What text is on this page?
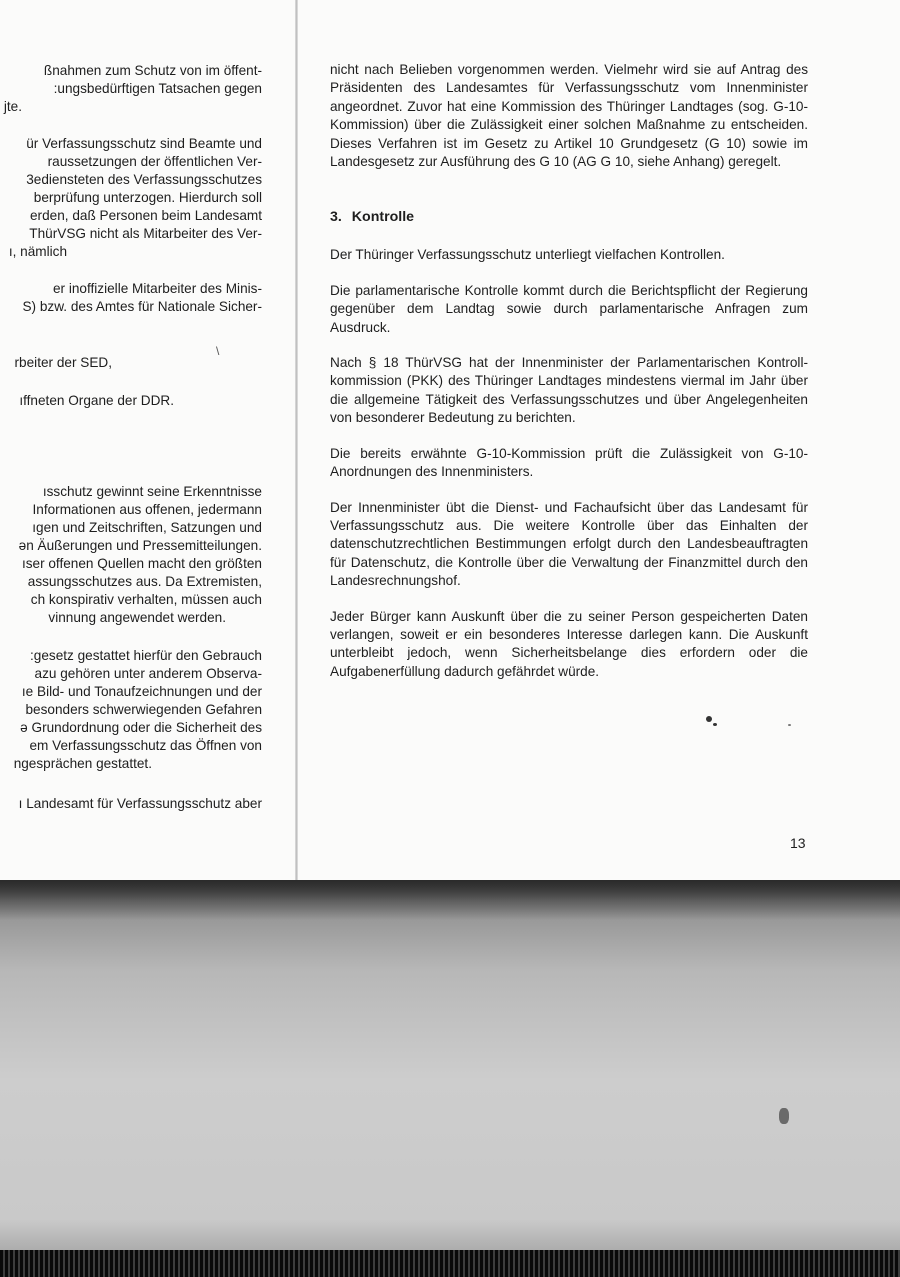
ßnahmen zum Schutz von im öffent-
:ungsbedürftigen Tatsachen gegen
jte.
ür Verfassungsschutz sind Beamte und
raussetzungen der öffentlichen Ver-
3ediensteten des Verfassungsschutzes
berprüfung unterzogen. Hierdurch soll
erden, daß Personen beim Landesamt
ThürVSG nicht als Mitarbeiter des Ver-
ı, nämlich
er inoffizielle Mitarbeiter des Minis-
S) bzw. des Amtes für Nationale Sicher-
rbeiter der SED,
ıffneten Organe der DDR.
ısschutz gewinnt seine Erkenntnisse
Informationen aus offenen, jedermann
ıgen und Zeitschriften, Satzungen und
ən Äußerungen und Pressemitteilungen.
ıser offenen Quellen macht den größten
assungsschutzes aus. Da Extremisten,
ch konspirativ verhalten, müssen auch
vinnung angewendet werden.
:gesetz gestattet hierfür den Gebrauch
azu gehören unter anderem Observa-
ıe Bild- und Tonaufzeichnungen und der
besonders schwerwiegenden Gefahren
ə Grundordnung oder die Sicherheit des
em Verfassungsschutz das Öffnen von
ngesprächen gestattet.
ı Landesamt für Verfassungsschutz aber
\

nicht nach Belieben vorgenommen werden. Vielmehr wird sie auf Antrag des Präsidenten des Landesamtes für Verfassungsschutz vom Innenminister angeordnet. Zuvor hat eine Kommission des Thüringer Landtages (sog. G-10-Kommission) über die Zulässigkeit einer solchen Maßnahme zu entscheiden. Dieses Verfahren ist im Gesetz zu Artikel 10 Grundgesetz (G 10) sowie im Landesgesetz zur Ausführung des G 10 (AG G 10, siehe Anhang) geregelt.

3. Kontrolle

Der Thüringer Verfassungsschutz unterliegt vielfachen Kontrollen.

Die parlamentarische Kontrolle kommt durch die Berichtspflicht der Regierung gegenüber dem Landtag sowie durch parlamentarische Anfragen zum Ausdruck.

Nach § 18 ThürVSG hat der Innenminister der Parlamentarischen Kontrollkommission (PKK) des Thüringer Landtages mindestens viermal im Jahr über die allgemeine Tätigkeit des Verfassungsschutzes und über Angelegenheiten von besonderer Bedeutung zu berichten.

Die bereits erwähnte G-10-Kommission prüft die Zulässigkeit von G-10-Anordnungen des Innenministers.

Der Innenminister übt die Dienst- und Fachaufsicht über das Landesamt für Verfassungsschutz aus. Die weitere Kontrolle über das Einhalten der datenschutzrechtlichen Bestimmungen erfolgt durch den Landesbeauftragten für Datenschutz, die Kontrolle über die Verwaltung der Finanzmittel durch den Landesrechnungshof.

Jeder Bürger kann Auskunft über die zu seiner Person gespeicherten Daten verlangen, soweit er ein besonderes Interesse darlegen kann. Die Auskunft unterbleibt jedoch, wenn Sicherheitsbelange dies erfordern oder die Aufgabenerfüllung dadurch gefährdet würde.

13
